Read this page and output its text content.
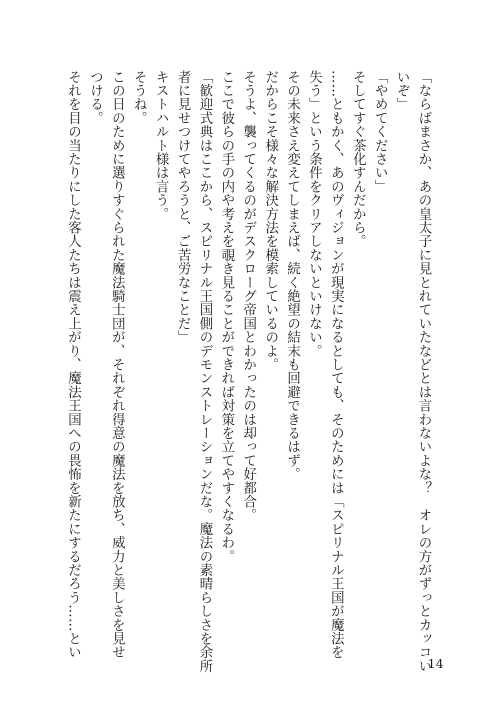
「ならばまさか、あの皇太子に見とれていたなどとは言わないよな？　オレの方がずっとカッコい
いぞ」
「やめてください」
そしてすぐ茶化すんだから。
……ともかく、あのヴィジョンが現実になるとしても、そのためには「スピリナル王国が魔法を
失う」という条件をクリアしないといけない。
その未来さえ変えてしまえば、続く絶望の結末も回避できるはず。
だからこそ様々な解決方法を模索しているのよ。
そうよ、襲ってくるのがデスクローグ帝国とわかったのは却って好都合。
ここで彼らの手の内や考えを覗き見ることができれば対策を立てやすくなるわ。
「歓迎式典はここから、スピリナル王国側のデモンストレーションだな。魔法の素晴らしさを余所
者に見せつけてやろうと、ご苦労なことだ」
キストハルト様は言う。
そうね。
この日のために選りすぐられた魔法騎士団が、それぞれ得意の魔法を放ち、威力と美しさを見せ
つける。
それを目の当たりにした客人たちは震え上がり、魔法王国への畏怖を新たにするだろう……とい
14
